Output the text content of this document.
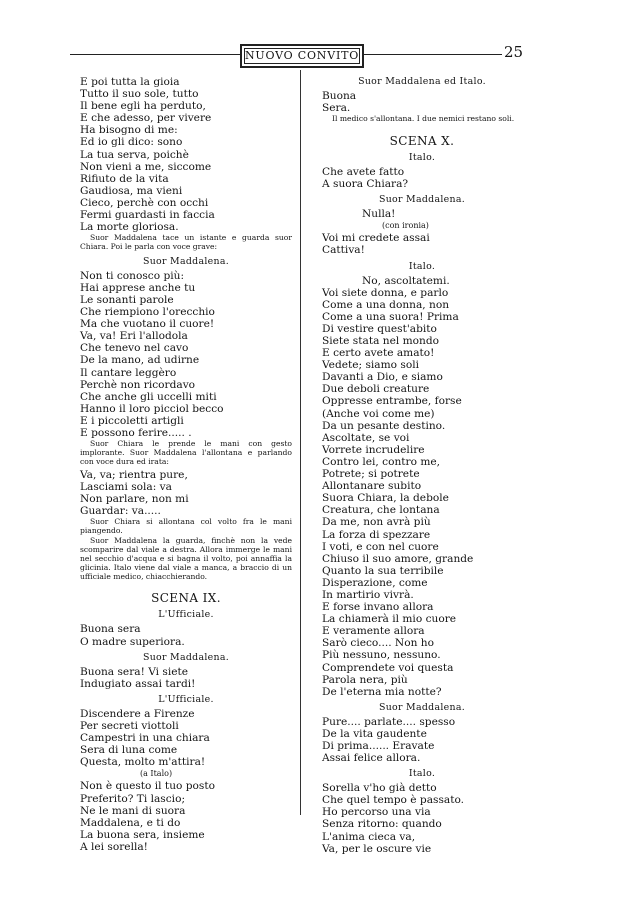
NUOVO CONVITO	25
E poi tutta la gioia
Tutto il suo sole, tutto
Il bene egli ha perduto,
E che adesso, per vivere
Ha bisogno di me:
Ed io gli dico: sono
La tua serva, poichè
Non vieni a me, siccome
Rifiuto de la vita
Gaudiosa, ma vieni
Cieco, perchè con occhi
Fermi guardasti in faccia
La morte gloriosa.
Suor Maddalena tace un istante e guarda suor Chiara. Poi le parla con voce grave:
Suor Maddalena.
Non ti conosco più:
Hai apprese anche tu
Le sonanti parole
Che riempiono l'orecchio
Ma che vuotano il cuore!
Va, va! Eri l'allodola
Che tenevo nel cavo
De la mano, ad udirne
Il cantare leggèro
Perchè non ricordavo
Che anche gli uccelli miti
Hanno il loro picciol becco
E i piccoletti artigli
E possono ferire..... .
Suor Chiara le prende le mani con gesto implorante. Suor Maddalena l'allontana e parlando con voce dura ed irata:
Va, va; rientra pure,
Lasciami sola: va
Non parlare, non mi
Guardar: va.....
Suor Chiara si allontana col volto fra le mani piangendo.
Suor Maddalena la guarda, finchè non la vede scomparire dal viale a destra. Allora immerge le mani nel secchio d'acqua e si bagna il volto, poi annaffia la glicinia. Italo viene dal viale a manca, a braccio di un ufficiale medico, chiacchierando.
SCENA IX.
L'Ufficiale.
Buona sera
O madre superiora.
Suor Maddalena.
Buona sera! Vi siete
Indugiato assai tardi!
L'Ufficiale.
Discendere a Firenze
Per secreti viottoli
Campestri in una chiara
Sera di luna come
Questa, molto m'attira!
(a Italo)
Non è questo il tuo posto
Preferito? Ti lascio;
Ne le mani di suora
Maddalena, e ti do
La buona sera, insieme
A lei sorella!
Suor Maddalena ed Italo.
Buona
Sera.
Il medico s'allontana. I due nemici restano soli.
SCENA X.
Italo.
Che avete fatto
A suora Chiara?
Suor Maddalena.
Nulla!
(con ironia)
Voi mi credete assai
Cattiva!
Italo.
No, ascoltatemi.
Voi siete donna, e parlo
Come a una donna, non
Come a una suora! Prima
Di vestire quest'abito
Siete stata nel mondo
E certo avete amato!
Vedete; siamo soli
Davanti a Dio, e siamo
Due deboli creature
Oppresse entrambe, forse
(Anche voi come me)
Da un pesante destino.
Ascoltate, se voi
Vorrete incrudelire
Contro lei, contro me,
Potrete; si potrete
Allontanare subito
Suora Chiara, la debole
Creatura, che lontana
Da me, non avrà più
La forza di spezzare
I voti, e con nel cuore
Chiuso il suo amore, grande
Quanto la sua terribile
Disperazione, come
In martirio vivrà.
E forse invano allora
La chiamerà il mio cuore
E veramente allora
Sarò cieco.... Non ho
Più nessuno, nessuno.
Comprendete voi questa
Parola nera, più
De l'eterna mia notte?
Suor Maddalena.
Pure.... parlate.... spesso
De la vita gaudente
Di prima...... Eravate
Assai felice allora.
Italo.
Sorella v'ho già detto
Che quel tempo è passato.
Ho percorso una via
Senza ritorno: quando
L'anima cieca va,
Va, per le oscure vie
